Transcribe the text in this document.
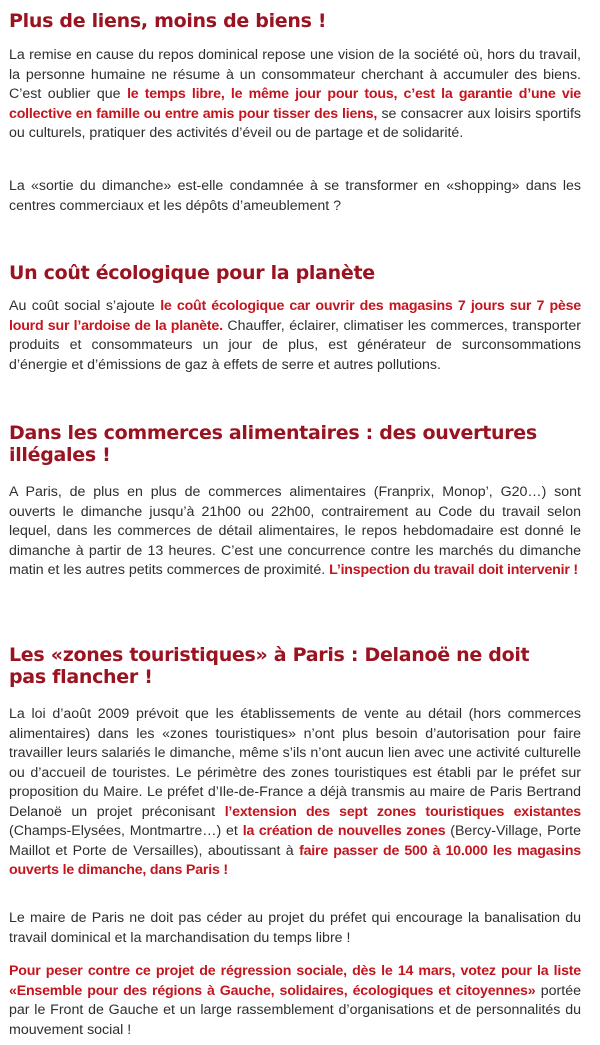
Plus de liens, moins de biens !

La remise en cause du repos dominical repose une vision de la société où, hors du travail, la personne humaine ne résume à un consommateur cherchant à accumuler des biens. C’est oublier que le temps libre, le même jour pour tous, c’est la garantie d’une vie collective en famille ou entre amis pour tisser des liens, se consacrer aux loisirs sportifs ou culturels, pratiquer des activités d’éveil ou de partage et de solidarité.

La «sortie du dimanche» est-elle condamnée à se transformer en «shopping» dans les centres commerciaux et les dépôts d’ameublement ?

Un coût écologique pour la planète

Au coût social s’ajoute le coût écologique car ouvrir des magasins 7 jours sur 7 pèse lourd sur l’ardoise de la planète. Chauffer, éclairer, climatiser les commerces, transporter produits et consommateurs un jour de plus, est générateur de surconsommations d’énergie et d’émissions de gaz à effets de serre et autres pollutions.

Dans les commerces alimentaires : des ouvertures illégales !

A Paris, de plus en plus de commerces alimentaires (Franprix, Monop’, G20…) sont ouverts le dimanche jusqu’à 21h00 ou 22h00, contrairement au Code du travail selon lequel, dans les commerces de détail alimentaires, le repos hebdomadaire est donné le dimanche à partir de 13 heures. C’est une concurrence contre les marchés du dimanche matin et les autres petits commerces de proximité. L’inspection du travail doit intervenir !

Les «zones touristiques» à Paris : Delanoë ne doit pas flancher !

La loi d’août 2009 prévoit que les établissements de vente au détail (hors commerces alimentaires) dans les «zones touristiques» n’ont plus besoin d’autorisation pour faire travailler leurs salariés le dimanche, même s’ils n’ont aucun lien avec une activité culturelle ou d’accueil de touristes. Le périmètre des zones touristiques est établi par le préfet sur proposition du Maire. Le préfet d’Ile-de-France a déjà transmis au maire de Paris Bertrand Delanoë un projet préconisant l’extension des sept zones touristiques existantes (Champs-Elysées, Montmartre…) et la création de nouvelles zones (Bercy-Village, Porte Maillot et Porte de Versailles), aboutissant à faire passer de 500 à 10.000 les magasins ouverts le dimanche, dans Paris !

Le maire de Paris ne doit pas céder au projet du préfet qui encourage la banalisation du travail dominical et la marchandisation du temps libre !

Pour peser contre ce projet de régression sociale, dès le 14 mars, votez pour la liste «Ensemble pour des régions à Gauche, solidaires, écologiques et citoyennes» portée par le Front de Gauche et un large rassemblement d’organisations et de personnalités du mouvement social !
